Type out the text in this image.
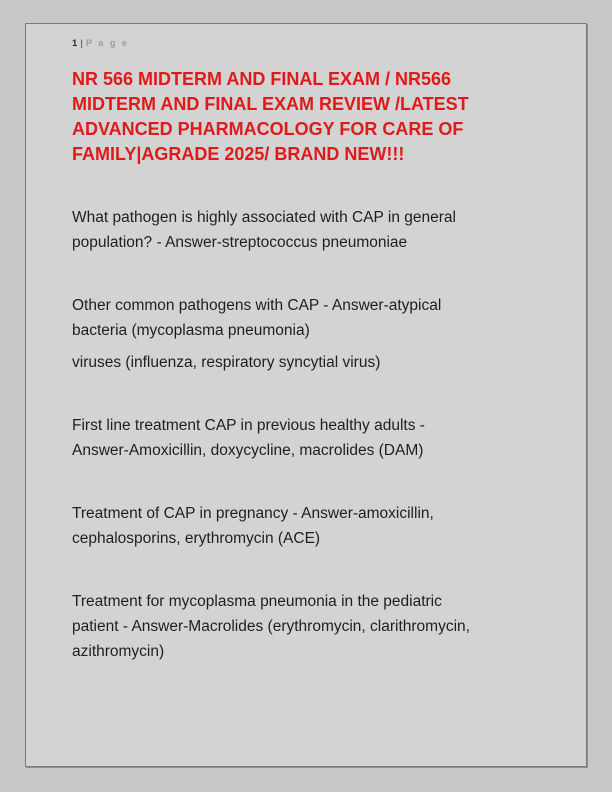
1 | P a g e
NR 566 MIDTERM AND FINAL EXAM / NR566
MIDTERM AND FINAL EXAM REVIEW /LATEST
ADVANCED PHARMACOLOGY FOR CARE OF
FAMILY|AGRADE 2025/ BRAND NEW!!!
What pathogen is highly associated with CAP in general
population? - Answer-streptococcus pneumoniae
Other common pathogens with CAP - Answer-atypical
bacteria (mycoplasma pneumonia)
viruses (influenza, respiratory syncytial virus)
First line treatment CAP in previous healthy adults -
Answer-Amoxicillin, doxycycline, macrolides (DAM)
Treatment of CAP in pregnancy - Answer-amoxicillin,
cephalosporins, erythromycin (ACE)
Treatment for mycoplasma pneumonia in the pediatric
patient - Answer-Macrolides (erythromycin, clarithromycin,
azithromycin)
